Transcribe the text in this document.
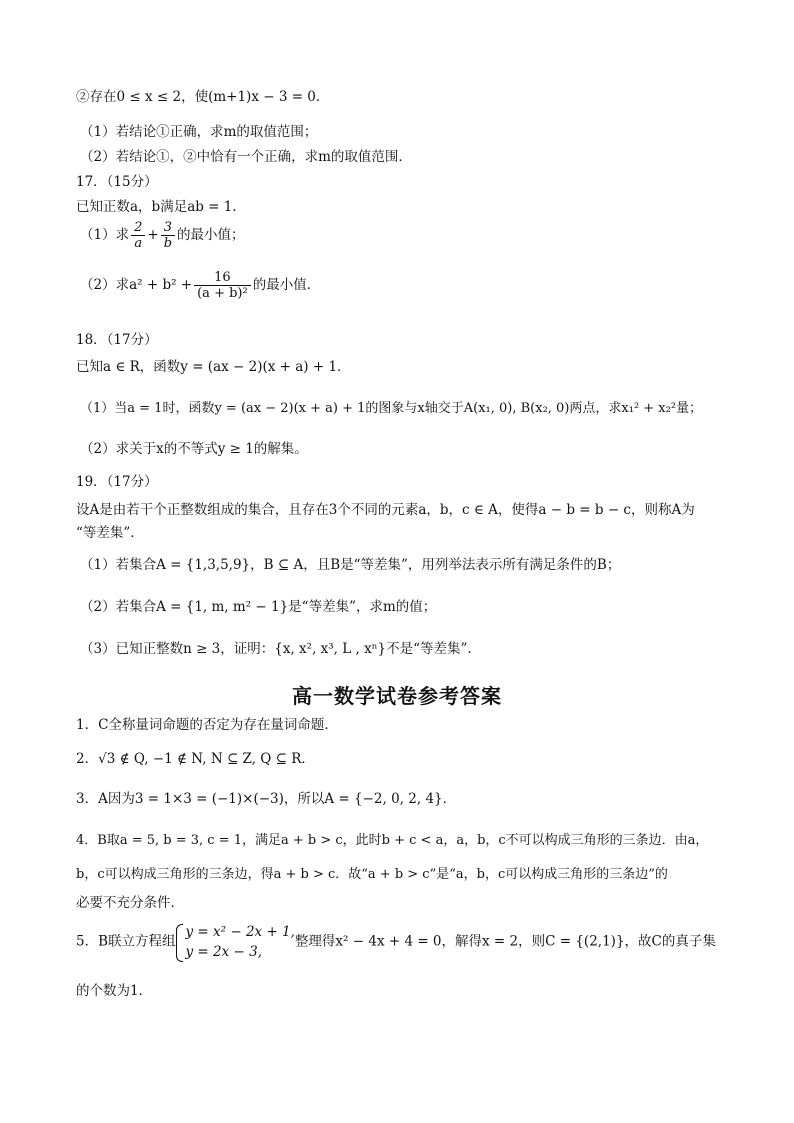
②存在0 ≤ x ≤ 2，使(m+1)x − 3 = 0．
（1）若结论①正确，求m的取值范围；
（2）若结论①，②中恰有一个正确，求m的取值范围．
17．（15分）
已知正数a，b满足ab = 1．
（1）求 $\frac{2}{a} + \frac{3}{b}$ 的最小值；
（2）求$a^2 + b^2 + \frac{16}{\text{(a + b)²}}$ 的最小值．
18．（17分）
已知a ∈ R，函数y = (ax − 2)(x + a) + 1．
（1）当a = 1时，函数y = (ax − 2)(x + a) + 1的图象与x轴交于A(x₁, 0), B(x₂, 0)两点，求x₁² + x₂²量；
（2）求关于x的不等式y ≥ 1的解集。
19．（17分）
设A是由若干个正整数组成的集合，且存在3个不同的元素a，b，c ∈ A，使得a − b = b − c，则称A为
“等差集”．
（1）若集合A = {1,3,5,9}，B ⊆ A，且B是“等差集”，用列举法表示所有满足条件的B；
（2）若集合A = {1, m, m² − 1}是“等差集”，求m的值；
（3）已知正整数n ≥ 3，证明：{x, x², x³, L , xⁿ}不是“等差集”．
高一数学试卷参考答案
1．C全称量词命题的否定为存在量词命题．
2．√3 ∉ Q, −1 ∉ N, N ⊆ Z, Q ⊆ R．
3．A因为3 = 1×3 = (−1)×(−3)，所以A = {−2, 0, 2, 4}．
4．B取a = 5, b = 3, c = 1，满足a + b > c，此时b + c < a，a，b，c不可以构成三角形的三条边．由a，
b，c可以构成三角形的三条边，得a + b > c．故“a + b > c”是“a，b，c可以构成三角形的三条边”的
必要不充分条件．
5．B联立方程组
y = x² − 2x + 1,
y = 2x − 3,
整理得x² − 4x + 4 = 0，解得x = 2，则C = {(2,1)}，故C的真子集
的个数为1．
